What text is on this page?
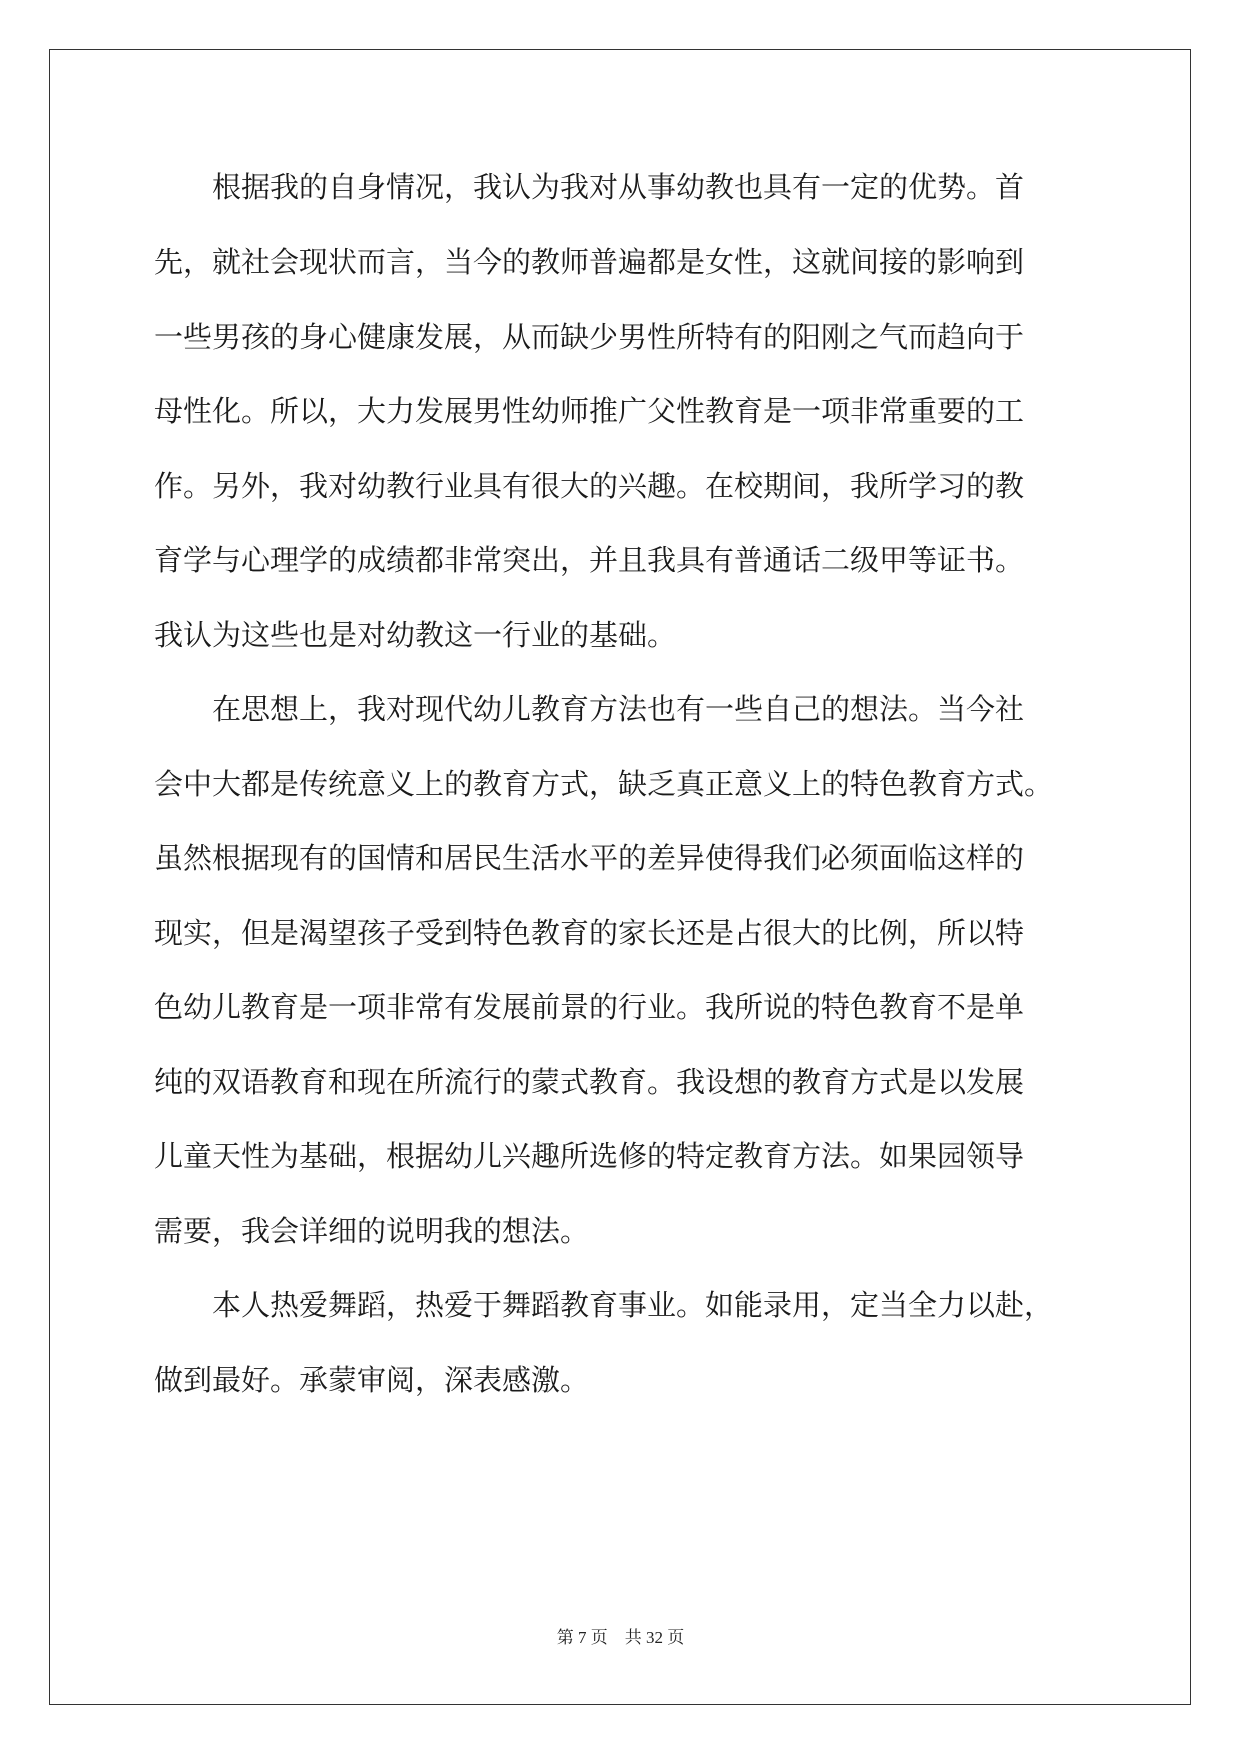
根据我的自身情况，我认为我对从事幼教也具有一定的优势。首
先，就社会现状而言，当今的教师普遍都是女性，这就间接的影响到
一些男孩的身心健康发展，从而缺少男性所特有的阳刚之气而趋向于
母性化。所以，大力发展男性幼师推广父性教育是一项非常重要的工
作。另外，我对幼教行业具有很大的兴趣。在校期间，我所学习的教
育学与心理学的成绩都非常突出，并且我具有普通话二级甲等证书。
我认为这些也是对幼教这一行业的基础。
在思想上，我对现代幼儿教育方法也有一些自己的想法。当今社
会中大都是传统意义上的教育方式，缺乏真正意义上的特色教育方式。
虽然根据现有的国情和居民生活水平的差异使得我们必须面临这样的
现实，但是渴望孩子受到特色教育的家长还是占很大的比例，所以特
色幼儿教育是一项非常有发展前景的行业。我所说的特色教育不是单
纯的双语教育和现在所流行的蒙式教育。我设想的教育方式是以发展
儿童天性为基础，根据幼儿兴趣所选修的特定教育方法。如果园领导
需要，我会详细的说明我的想法。
本人热爱舞蹈，热爱于舞蹈教育事业。如能录用，定当全力以赴，
做到最好。承蒙审阅，深表感激。
第 7 页　共 32 页
